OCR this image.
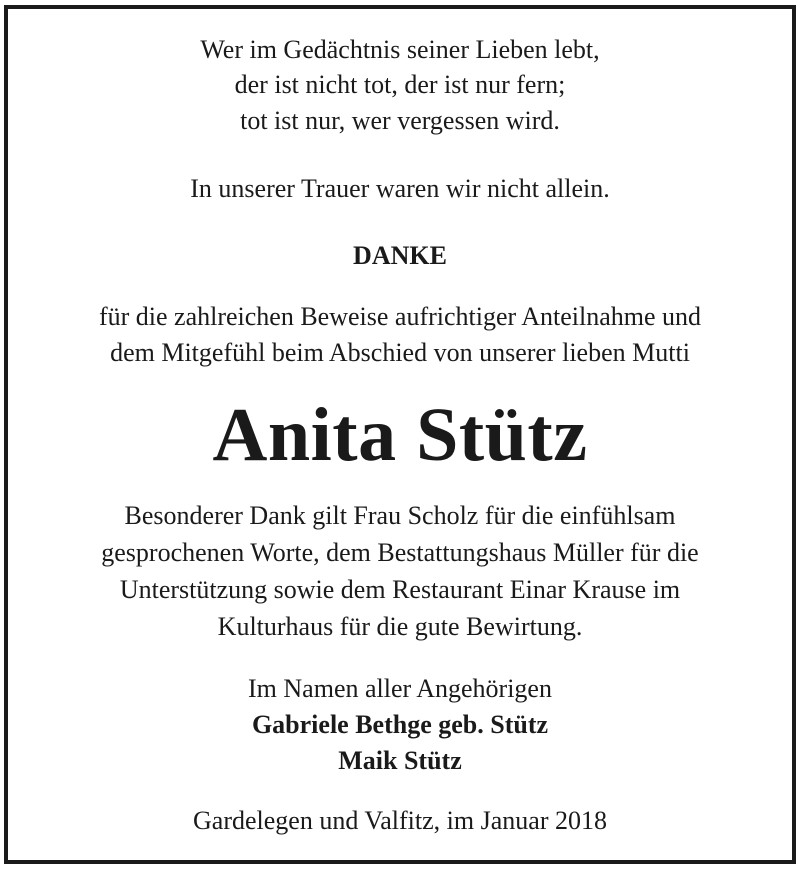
Wer im Gedächtnis seiner Lieben lebt,
der ist nicht tot, der ist nur fern;
tot ist nur, wer vergessen wird.
In unserer Trauer waren wir nicht allein.
DANKE
für die zahlreichen Beweise aufrichtiger Anteilnahme und
dem Mitgefühl beim Abschied von unserer lieben Mutti
Anita Stütz
Besonderer Dank gilt Frau Scholz für die einfühlsam
gesprochenen Worte, dem Bestattungshaus Müller für die
Unterstützung sowie dem Restaurant Einar Krause im
Kulturhaus für die gute Bewirtung.
Im Namen aller Angehörigen
Gabriele Bethge geb. Stütz
Maik Stütz
Gardelegen und Valfitz, im Januar 2018
